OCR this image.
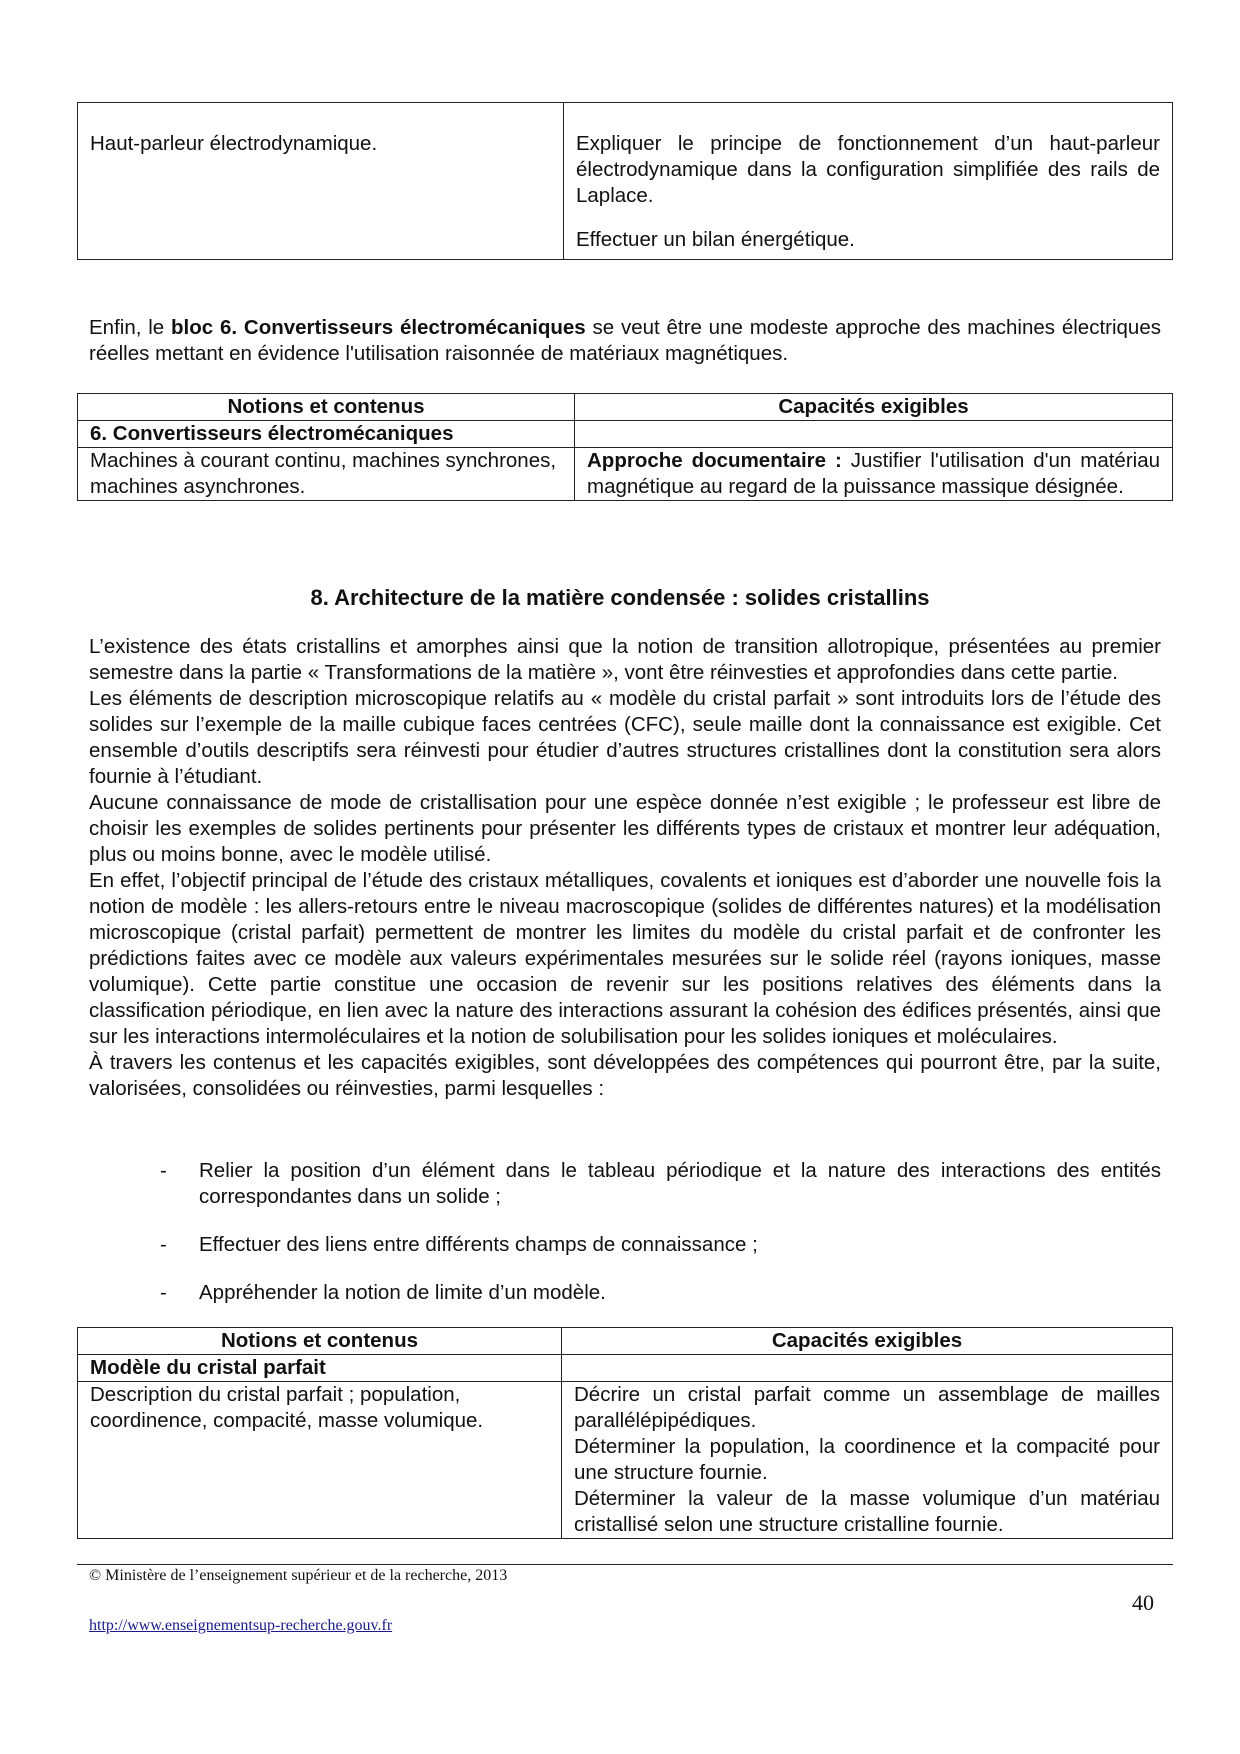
Haut-parleur électrodynamique.	Expliquer le principe de fonctionnement d’un haut-parleur électrodynamique dans la configuration simplifiée des rails de Laplace.
Effectuer un bilan énergétique.
Enfin, le bloc 6. Convertisseurs électromécaniques se veut être une modeste approche des machines électriques réelles mettant en évidence l'utilisation raisonnée de matériaux magnétiques.
Notions et contenus	Capacités exigibles
6. Convertisseurs électromécaniques	
Machines à courant continu, machines synchrones, machines asynchrones.	Approche documentaire : Justifier l'utilisation d'un matériau magnétique au regard de la puissance massique désignée.
8. Architecture de la matière condensée : solides cristallins

L’existence des états cristallins et amorphes ainsi que la notion de transition allotropique, présentées au premier semestre dans la partie « Transformations de la matière », vont être réinvesties et approfondies dans cette partie.

Les éléments de description microscopique relatifs au « modèle du cristal parfait » sont introduits lors de l’étude des solides sur l’exemple de la maille cubique faces centrées (CFC), seule maille dont la connaissance est exigible. Cet ensemble d’outils descriptifs sera réinvesti pour étudier d’autres structures cristallines dont la constitution sera alors fournie à l’étudiant.

Aucune connaissance de mode de cristallisation pour une espèce donnée n’est exigible ; le professeur est libre de choisir les exemples de solides pertinents pour présenter les différents types de cristaux et montrer leur adéquation, plus ou moins bonne, avec le modèle utilisé.

En effet, l’objectif principal de l’étude des cristaux métalliques, covalents et ioniques est d’aborder une nouvelle fois la notion de modèle : les allers-retours entre le niveau macroscopique (solides de différentes natures) et la modélisation microscopique (cristal parfait) permettent de montrer les limites du modèle du cristal parfait et de confronter les prédictions faites avec ce modèle aux valeurs expérimentales mesurées sur le solide réel (rayons ioniques, masse volumique). Cette partie constitue une occasion de revenir sur les positions relatives des éléments dans la classification périodique, en lien avec la nature des interactions assurant la cohésion des édifices présentés, ainsi que sur les interactions intermoléculaires et la notion de solubilisation pour les solides ioniques et moléculaires.

À travers les contenus et les capacités exigibles, sont développées des compétences qui pourront être, par la suite, valorisées, consolidées ou réinvesties, parmi lesquelles :

- Relier la position d’un élément dans le tableau périodique et la nature des interactions des entités correspondantes dans un solide ;
- Effectuer des liens entre différents champs de connaissance ;
- Appréhender la notion de limite d’un modèle.
Notions et contenus	Capacités exigibles
Modèle du cristal parfait	
Description du cristal parfait ; population, coordinence, compacité, masse volumique.	Décrire un cristal parfait comme un assemblage de mailles parallélépipédiques.
Déterminer la population, la coordinence et la compacité pour une structure fournie.
Déterminer la valeur de la masse volumique d’un matériau cristallisé selon une structure cristalline fournie.
© Ministère de l’enseignement supérieur et de la recherche, 2013
40
http://www.enseignementsup-recherche.gouv.fr
